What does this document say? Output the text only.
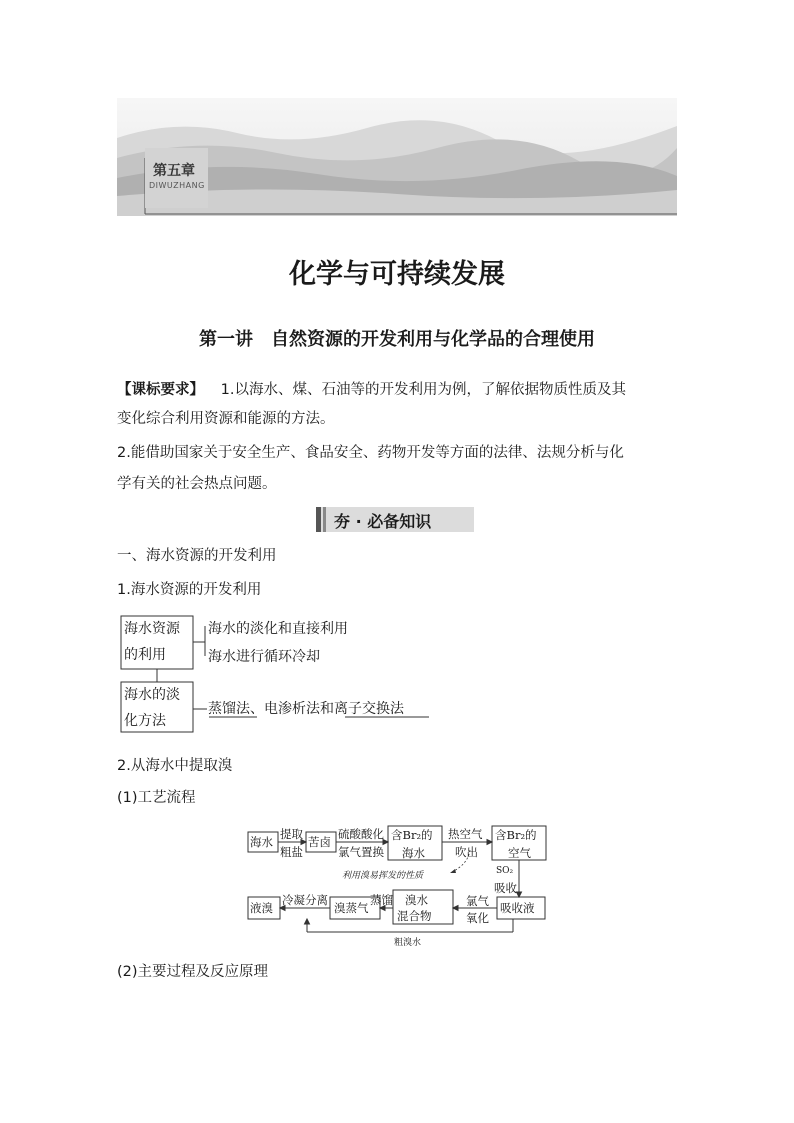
第五章
DIWUZHANG
化学与可持续发展
第一讲　自然资源的开发利用与化学品的合理使用
【课标要求】 1.以海水、煤、石油等的开发利用为例，了解依据物质性质及其
变化综合利用资源和能源的方法。
2.能借助国家关于安全生产、食品安全、药物开发等方面的法律、法规分析与化
学有关的社会热点问题。
夯 · 必备知识
一、海水资源的开发利用
1.海水资源的开发利用
海水资源
的利用
海水的淡化和直接利用
海水进行循环冷却
海水的淡
化方法
蒸馏法、电渗析法和离子交换法
2.从海水中提取溴
(1)工艺流程
海水
提取
粗盐
苦卤
硫酸酸化
氯气置换
含Br₂的
海水
热空气
吹出
含Br₂的
空气
利用溴易挥发的性质	SO₂
吸收
吸收液
氯气
氧化
溴水
混合物
蒸馏
溴蒸气
冷凝分离
液溴
粗溴水
(2)主要过程及反应原理
